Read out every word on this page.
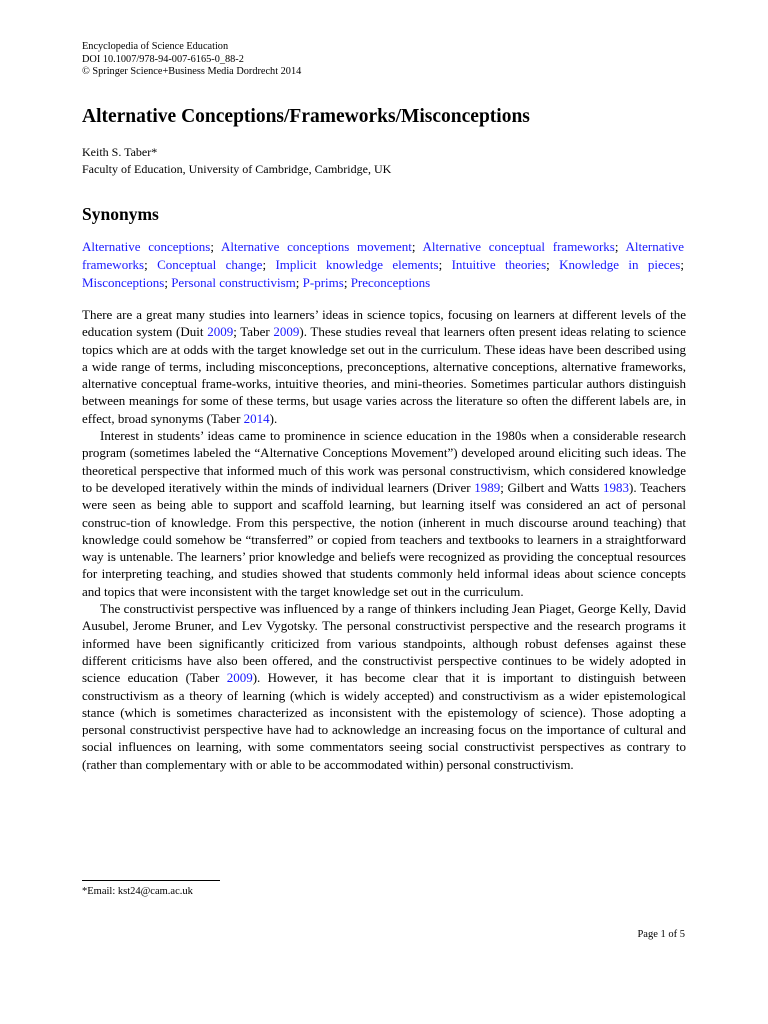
Encyclopedia of Science Education
DOI 10.1007/978-94-007-6165-0_88-2
© Springer Science+Business Media Dordrecht 2014
Alternative Conceptions/Frameworks/Misconceptions
Keith S. Taber*
Faculty of Education, University of Cambridge, Cambridge, UK
Synonyms
Alternative conceptions; Alternative conceptions movement; Alternative conceptual frameworks; Alternative frameworks; Conceptual change; Implicit knowledge elements; Intuitive theories; Knowledge in pieces; Misconceptions; Personal constructivism; P-prims; Preconceptions

There are a great many studies into learners’ ideas in science topics, focusing on learners at different levels of the education system (Duit 2009; Taber 2009). These studies reveal that learners often present ideas relating to science topics which are at odds with the target knowledge set out in the curriculum. These ideas have been described using a wide range of terms, including misconceptions, preconceptions, alternative conceptions, alternative frameworks, alternative conceptual frame-works, intuitive theories, and mini-theories. Sometimes particular authors distinguish between meanings for some of these terms, but usage varies across the literature so often the different labels are, in effect, broad synonyms (Taber 2014).

Interest in students’ ideas came to prominence in science education in the 1980s when a considerable research program (sometimes labeled the “Alternative Conceptions Movement”) developed around eliciting such ideas. The theoretical perspective that informed much of this work was personal constructivism, which considered knowledge to be developed iteratively within the minds of individual learners (Driver 1989; Gilbert and Watts 1983). Teachers were seen as being able to support and scaffold learning, but learning itself was considered an act of personal construc-tion of knowledge. From this perspective, the notion (inherent in much discourse around teaching) that knowledge could somehow be “transferred” or copied from teachers and textbooks to learners in a straightforward way is untenable. The learners’ prior knowledge and beliefs were recognized as providing the conceptual resources for interpreting teaching, and studies showed that students commonly held informal ideas about science concepts and topics that were inconsistent with the target knowledge set out in the curriculum.

The constructivist perspective was influenced by a range of thinkers including Jean Piaget, George Kelly, David Ausubel, Jerome Bruner, and Lev Vygotsky. The personal constructivist perspective and the research programs it informed have been significantly criticized from various standpoints, although robust defenses against these different criticisms have also been offered, and the constructivist perspective continues to be widely adopted in science education (Taber 2009). However, it has become clear that it is important to distinguish between constructivism as a theory of learning (which is widely accepted) and constructivism as a wider epistemological stance (which is sometimes characterized as inconsistent with the epistemology of science). Those adopting a personal constructivist perspective have had to acknowledge an increasing focus on the importance of cultural and social influences on learning, with some commentators seeing social constructivist perspectives as contrary to (rather than complementary with or able to be accommodated within) personal constructivism.

*Email: kst24@cam.ac.uk
Page 1 of 5
